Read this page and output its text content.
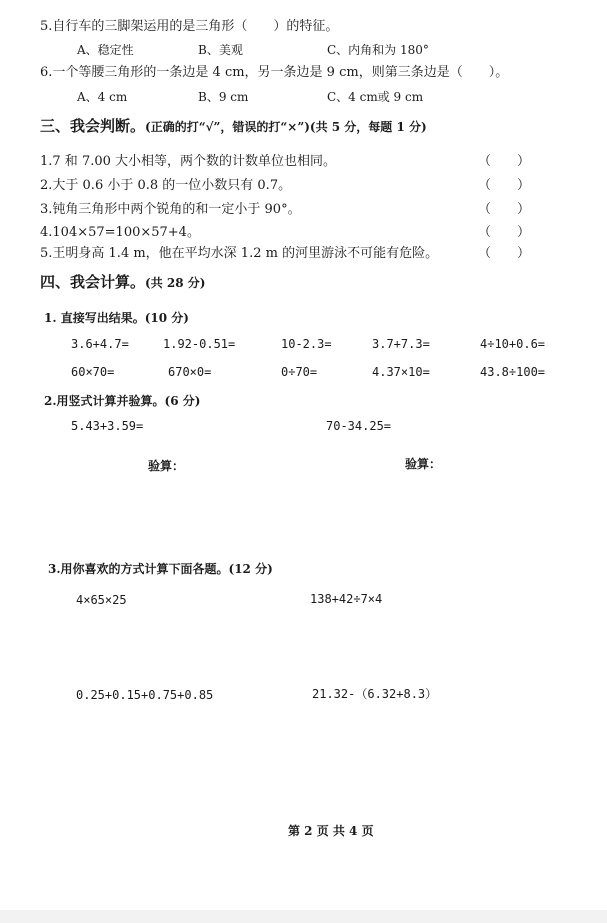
5.自行车的三脚架运用的是三角形（　　）的特征。
A、稳定性	B、美观	C、内角和为 180°
6.一个等腰三角形的一条边是 4 cm，另一条边是 9 cm，则第三条边是（　　）。
A、4 cm	B、9 cm	C、4 cm或 9 cm
三、我会判断。(正确的打“√”，错误的打“×”)(共 5 分，每题 1 分)
1.7 和 7.00 大小相等，两个数的计数单位也相同。	（　　）
2.大于 0.6 小于 0.8 的一位小数只有 0.7。	（　　）
3.钝角三角形中两个锐角的和一定小于 90°。	（　　）
4.104×57=100×57+4。	（　　）
5.王明身高 1.4 m，他在平均水深 1.2 m 的河里游泳不可能有危险。	（　　）
四、我会计算。(共 28 分)
1. 直接写出结果。(10 分)
3.6+4.7=	1.92-0.51=	10-2.3=	3.7+7.3=	4÷10+0.6=
60×70=	670×0=	0÷70=	4.37×10=	43.8÷100=
2.用竖式计算并验算。(6 分)
5.43+3.59=	70-34.25=
验算：	验算：
3.用你喜欢的方式计算下面各题。(12 分)
4×65×25	138+42÷7×4
0.25+0.15+0.75+0.85	21.32-（6.32+8.3）
第 2 页 共 4 页
